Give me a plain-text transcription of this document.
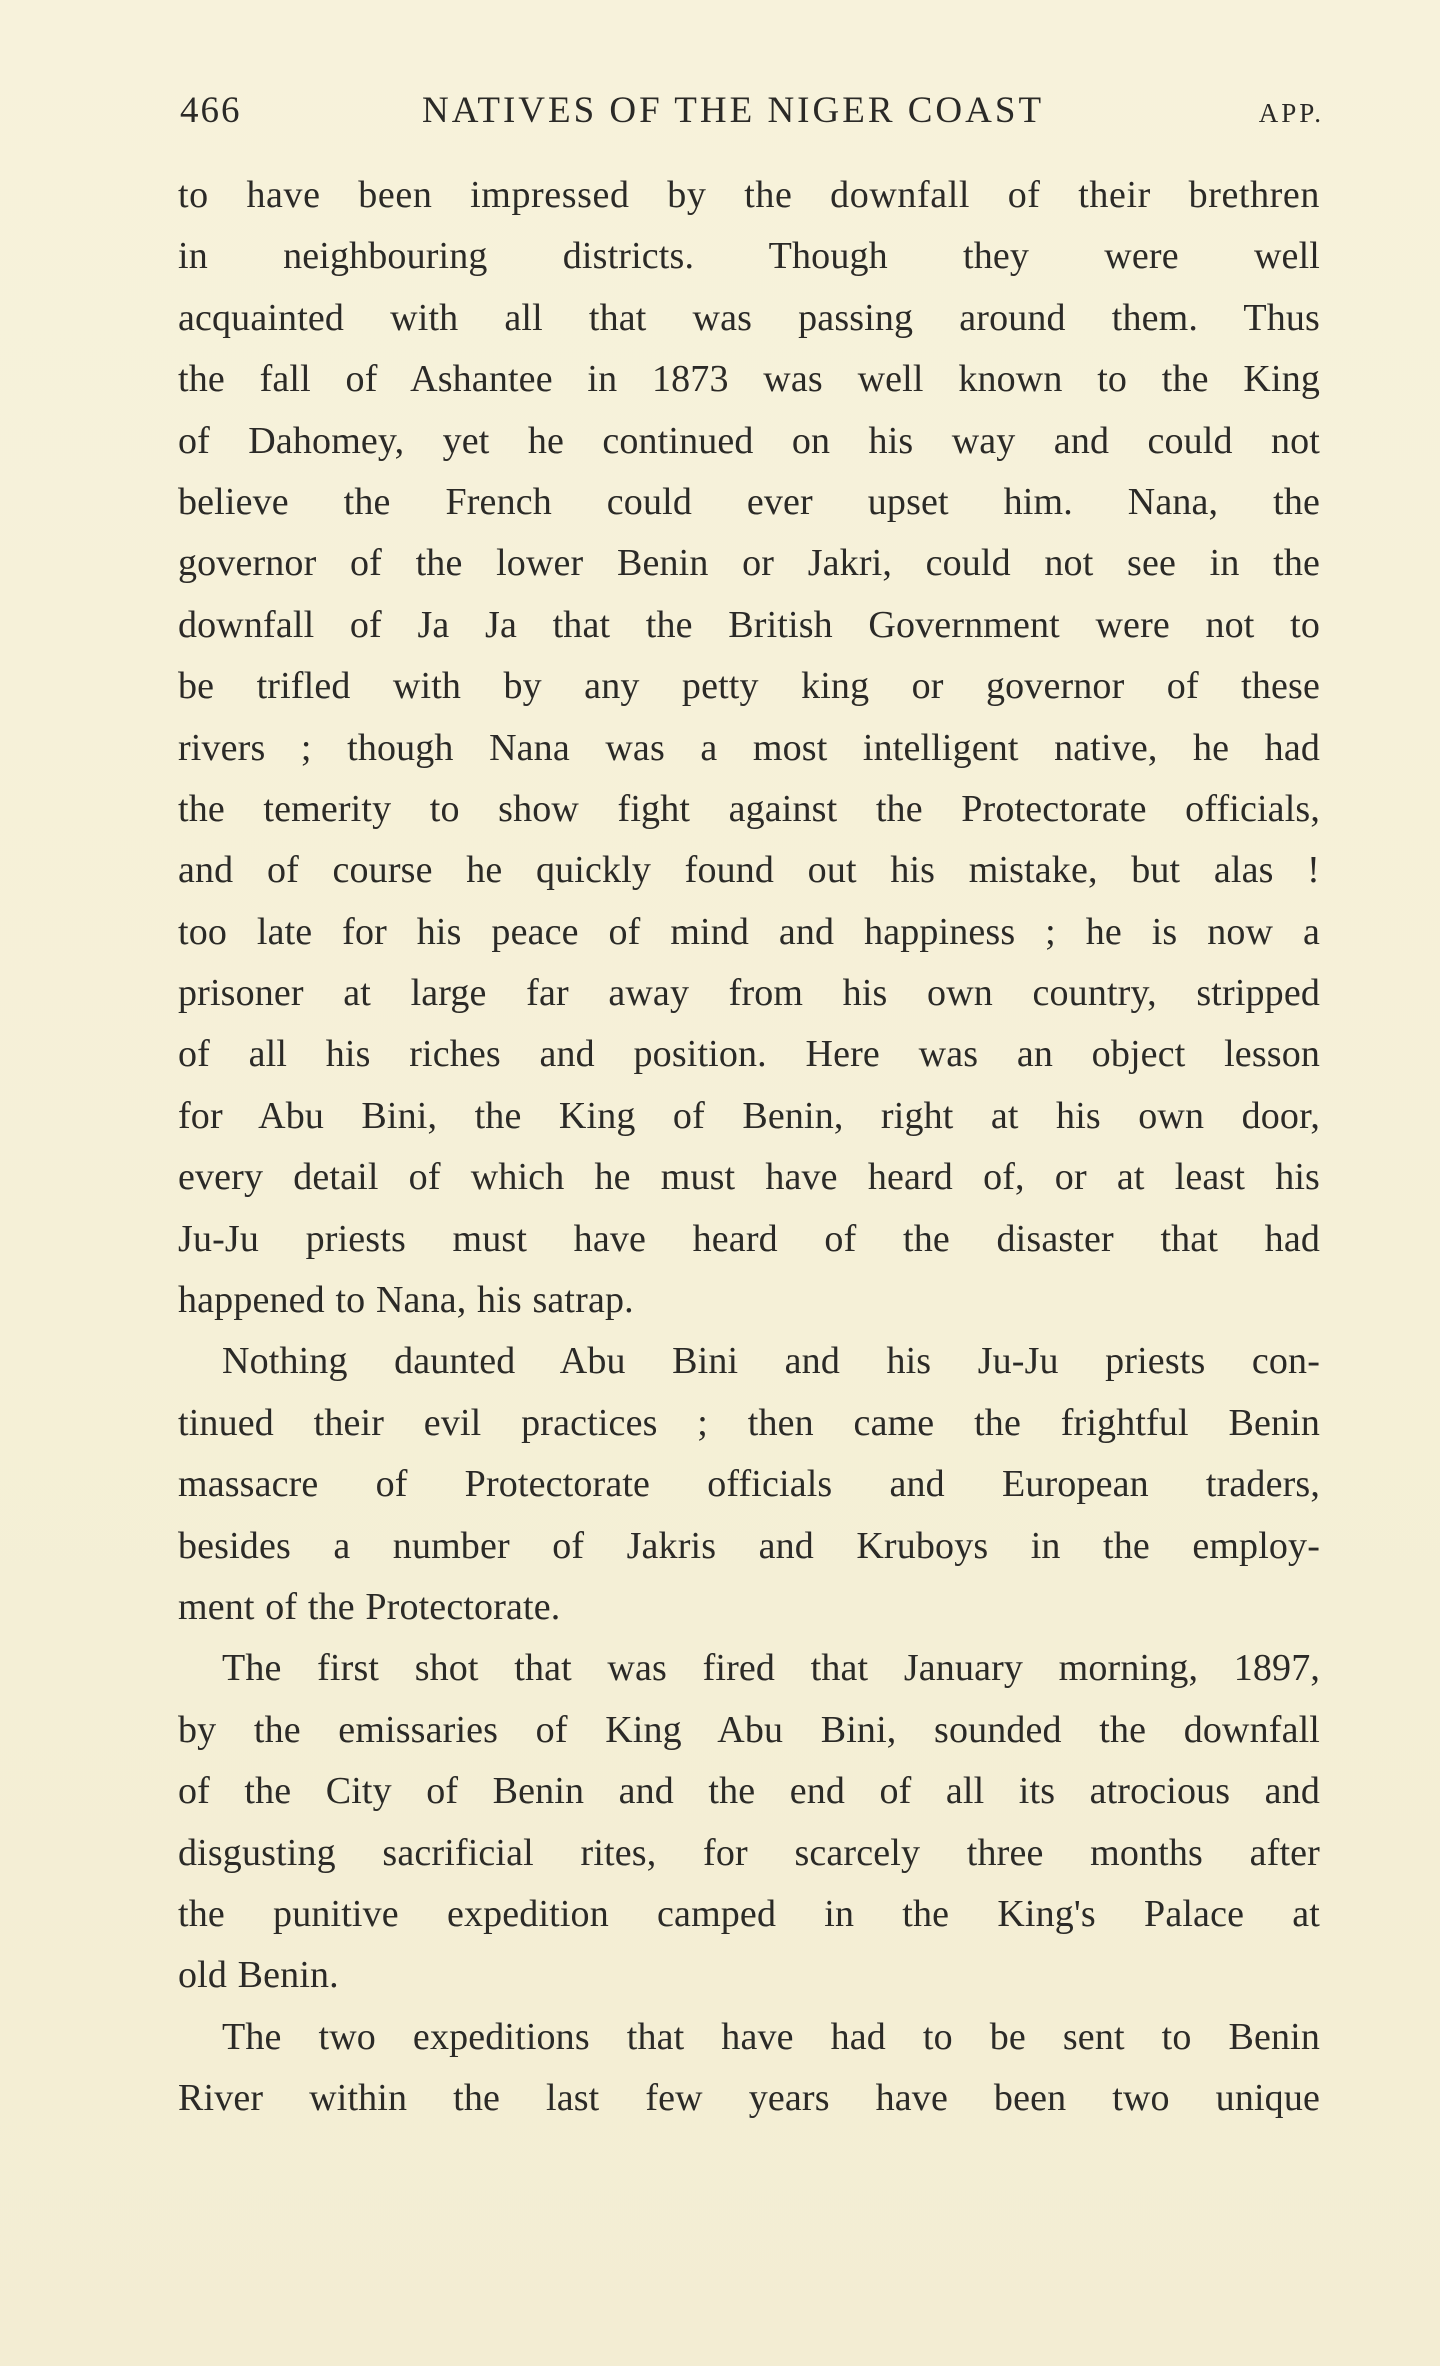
466	NATIVES OF THE NIGER COAST	APP.
to have been impressed by the downfall of their brethren
in neighbouring districts. Though they were well
acquainted with all that was passing around them. Thus
the fall of Ashantee in 1873 was well known to the King
of Dahomey, yet he continued on his way and could not
believe the French could ever upset him. Nana, the
governor of the lower Benin or Jakri, could not see in the
downfall of Ja Ja that the British Government were not to
be trifled with by any petty king or governor of these
rivers ; though Nana was a most intelligent native, he had
the temerity to show fight against the Protectorate officials,
and of course he quickly found out his mistake, but alas !
too late for his peace of mind and happiness ; he is now a
prisoner at large far away from his own country, stripped
of all his riches and position. Here was an object lesson
for Abu Bini, the King of Benin, right at his own door,
every detail of which he must have heard of, or at least his
Ju-Ju priests must have heard of the disaster that had
happened to Nana, his satrap.
Nothing daunted Abu Bini and his Ju-Ju priests con-
tinued their evil practices ; then came the frightful Benin
massacre of Protectorate officials and European traders,
besides a number of Jakris and Kruboys in the employ-
ment of the Protectorate.
The first shot that was fired that January morning, 1897,
by the emissaries of King Abu Bini, sounded the downfall
of the City of Benin and the end of all its atrocious and
disgusting sacrificial rites, for scarcely three months after
the punitive expedition camped in the King's Palace at
old Benin.
The two expeditions that have had to be sent to Benin
River within the last few years have been two unique
